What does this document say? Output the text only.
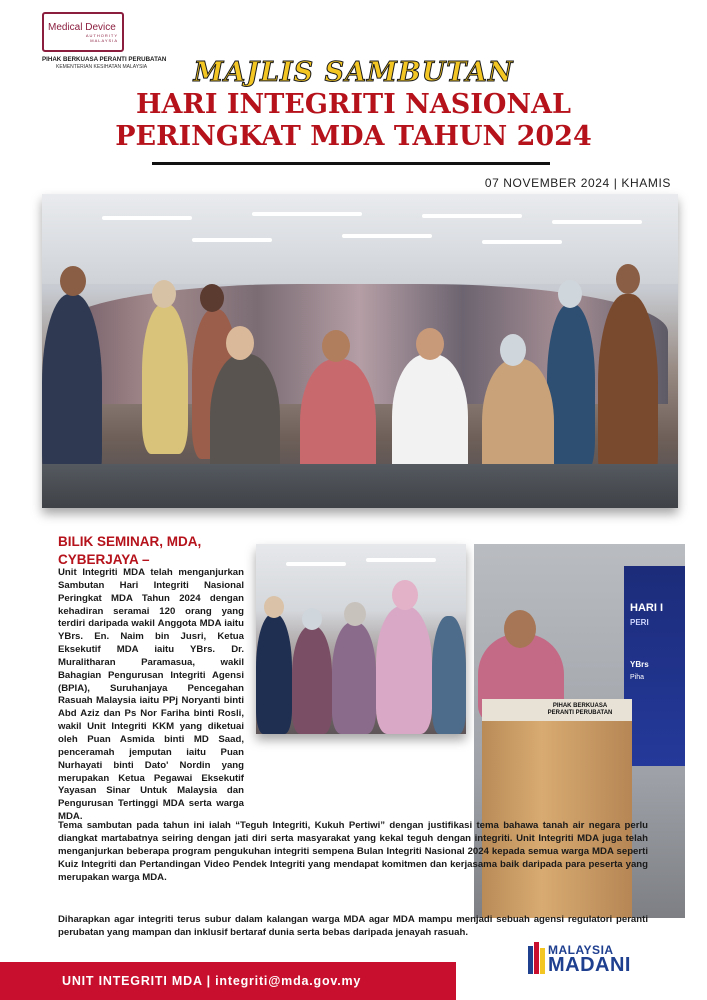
Medical Device
AUTHORITY
MALAYSIA
PIHAK BERKUASA PERANTI PERUBATAN
KEMENTERIAN KESIHATAN MALAYSIA	MAJLIS SAMBUTAN
HARI INTEGRITI NASIONAL
PERINGKAT MDA TAHUN 2024
07 NOVEMBER 2024 | KHAMIS
BILIK SEMINAR, MDA,
CYBERJAYA –
Unit Integriti MDA telah menganjurkan Sambutan Hari Integriti Nasional Peringkat MDA Tahun 2024 dengan kehadiran seramai 120 orang yang terdiri daripada wakil Anggota MDA iaitu YBrs. En. Naim bin Jusri, Ketua Eksekutif MDA iaitu YBrs. Dr. Muralitharan Paramasua, wakil Bahagian Pengurusan Integriti Agensi (BPIA), Suruhanjaya Pencegahan Rasuah Malaysia iaitu PPj Noryanti binti Abd Aziz dan Ps Nor Fariha binti Rosli, wakil Unit Integriti KKM yang diketuai oleh Puan Asmida binti MD Saad, penceramah jemputan iaitu Puan Nurhayati binti Dato' Nordin yang merupakan Ketua Pegawai Eksekutif Yayasan Sinar Untuk Malaysia dan Pengurusan Tertinggi MDA serta warga MDA.
HARI I
PERI
YBrs
Piha
PIHAK BERKUASA
PERANTI PERUBATAN
Tema sambutan pada tahun ini ialah “Teguh Integriti, Kukuh Pertiwi” dengan justifikasi tema bahawa tanah air negara perlu diangkat martabatnya seiring dengan jati diri serta masyarakat yang kekal teguh dengan integriti. Unit Integriti MDA juga telah menganjurkan beberapa program pengukuhan integriti sempena Bulan Integriti Nasional 2024 kepada semua warga MDA seperti Kuiz Integriti dan Pertandingan Video Pendek Integriti yang mendapat komitmen dan kerjasama baik daripada para peserta yang merupakan warga MDA.
Diharapkan agar integriti terus subur dalam kalangan warga MDA agar MDA mampu menjadi sebuah agensi regulatori peranti perubatan yang mampan dan inklusif bertaraf dunia serta bebas daripada jenayah rasuah.
UNIT INTEGRITI MDA | integriti@mda.gov.my
MALAYSIA
MADANI
